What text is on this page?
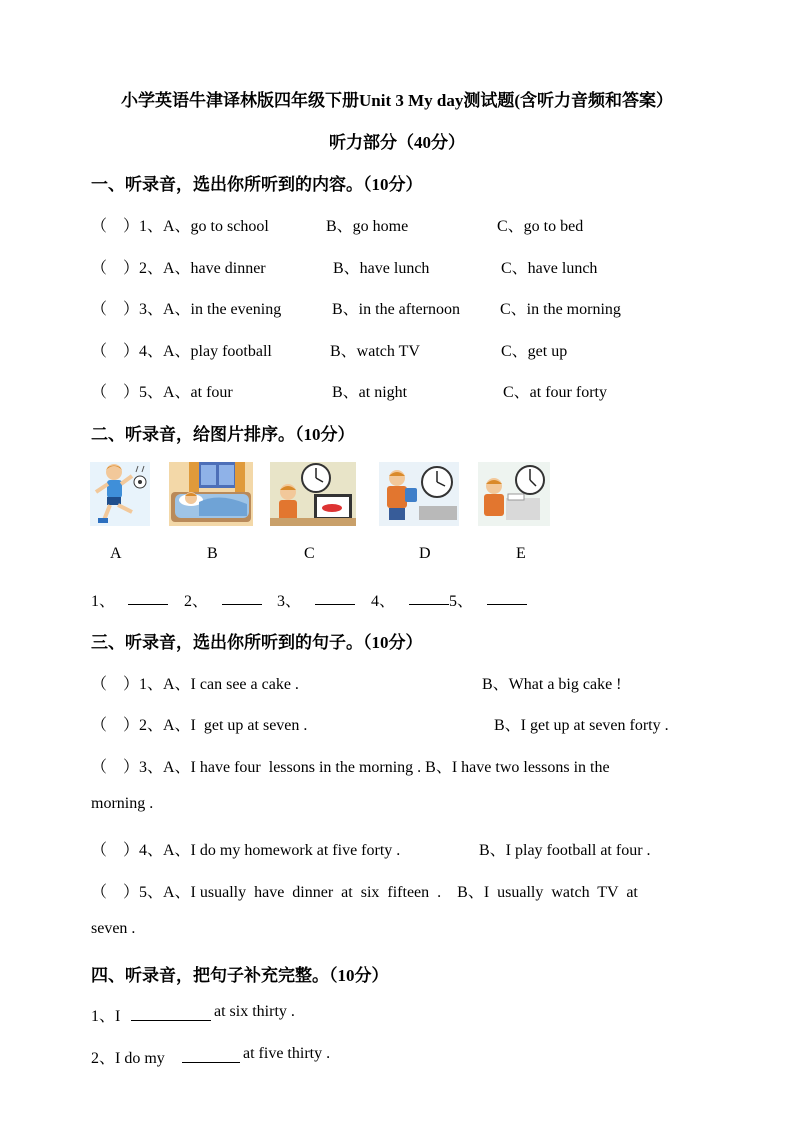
小学英语牛津译林版四年级下册Unit 3 My day测试题(含听力音频和答案）
听力部分（40分）
一、听录音，选出你所听到的内容。（10分）
（　）1、A、go to school	B、go home	C、go to bed
（　）2、A、have dinner	B、have lunch	C、have lunch
（　）3、A、in the evening	B、in the afternoon	C、in the morning
（　）4、A、play football	B、watch TV	C、get up
（　）5、A、at four	B、at night	C、at four forty
二、听录音，给图片排序。（10分）
A	B	C	D	E
1、	2、	3、	4、	5、
三、听录音，选出你所听到的句子。（10分）
（　）1、A、I can see a cake .	B、What a big cake !
（　）2、A、I  get up at seven .	B、I get up at seven forty .
（　）3、A、I have four  lessons in the morning . B、I have two lessons in the
morning .
（　）4、A、I do my homework at five forty .	B、I play football at four .
（　）5、A、I usually  have  dinner  at  six  fifteen  .    B、I  usually  watch  TV  at
seven .
四、听录音，把句子补充完整。（10分）
1、I	at six thirty .
2、I do my	at five thirty .
